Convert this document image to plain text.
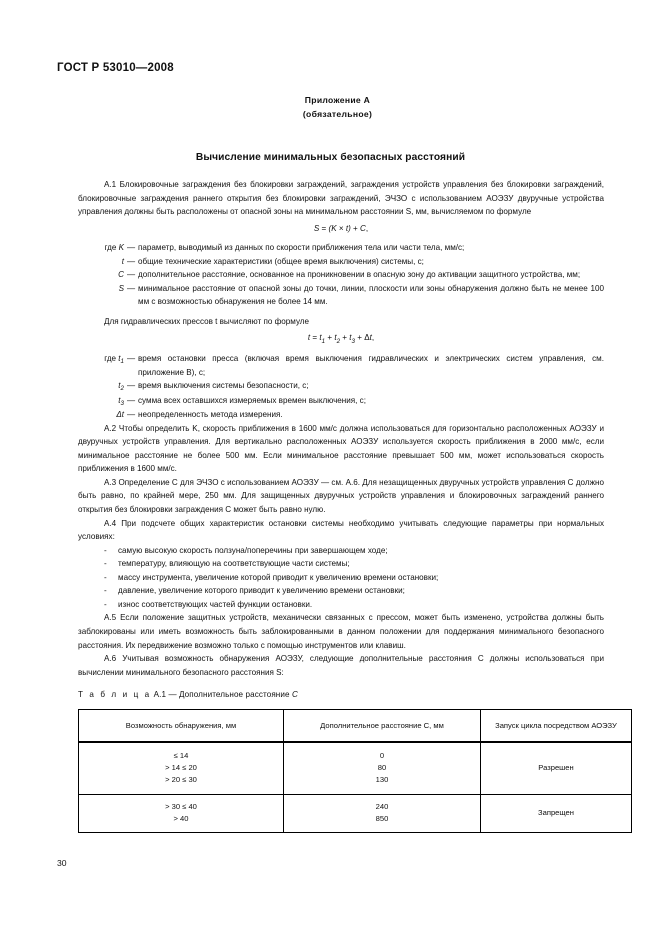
ГОСТ Р 53010—2008
Приложение А
(обязательное)
Вычисление минимальных безопасных расстояний

А.1 Блокировочные заграждения без блокировки заграждений, заграждения устройств управления без блокировки заграждений, блокировочные заграждения раннего открытия без блокировки заграждений, ЭЧЗО с использованием АОЭЗУ двуручные устройства управления должны быть расположены от опасной зоны на минимальном расстоянии S, мм, вычисляемом по формуле

S = (K × t) + C,

где K — параметр, выводимый из данных по скорости приближения тела или части тела, мм/с;
t — общие технические характеристики (общее время выключения) системы, с;
C — дополнительное расстояние, основанное на проникновении в опасную зону до активации защитного устройства, мм;
S — минимальное расстояние от опасной зоны до точки, линии, плоскости или зоны обнаружения должно быть не менее 100 мм с возможностью обнаружения не более 14 мм.

Для гидравлических прессов t вычисляют по формуле

$t = t_1 + t_2 + t_3 + \Delta t$,

где $t_1$ — время остановки пресса (включая время выключения гидравлических и электрических систем управления, см. приложение В), с;
$t_2$ — время выключения системы безопасности, с;
$t_3$ — сумма всех оставшихся измеряемых времен выключения, с;
Δt — неопределенность метода измерения.

А.2 Чтобы определить K, скорость приближения в 1600 мм/с должна использоваться для горизонтально расположенных АОЭЗУ и двуручных устройств управления. Для вертикально расположенных АОЭЗУ используется скорость приближения в 2000 мм/с, если минимальное расстояние не более 500 мм. Если минимальное расстояние превышает 500 мм, может использоваться скорость приближения в 1600 мм/с.

А.3 Определение C для ЭЧЗО с использованием АОЭЗУ — см. А.6. Для незащищенных двуручных устройств управления C должно быть равно, по крайней мере, 250 мм. Для защищенных двуручных устройств управления и блокировочных заграждений раннего открытия без блокировки заграждения C может быть равно нулю.

А.4 При подсчете общих характеристик остановки системы необходимо учитывать следующие параметры при нормальных условиях:

- самую высокую скорость ползуна/поперечины при завершающем ходе;
- температуру, влияющую на соответствующие части системы;
- массу инструмента, увеличение которой приводит к увеличению времени остановки;
- давление, увеличение которого приводит к увеличению времени остановки;
- износ соответствующих частей функции остановки.

А.5 Если положение защитных устройств, механически связанных с прессом, может быть изменено, устройства должны быть заблокированы или иметь возможность быть заблокированными в данном положении для поддержания минимального безопасного расстояния. Их передвижение возможно только с помощью инструментов или клавиш.

А.6 Учитывая возможность обнаружения АОЭЗУ, следующие дополнительные расстояния C должны использоваться при вычислении минимального безопасного расстояния S:

Т а б л и ц а А.1 — Дополнительное расстояние C
Возможность обнаружения, мм	Дополнительное расстояние C, мм	Запуск цикла посредством АОЭЗУ

≤ 14
> 14 ≤ 20
> 20 ≤ 30	0
80
130	Разрешен

> 30 ≤ 40
> 40	240
850	Запрещен
30
